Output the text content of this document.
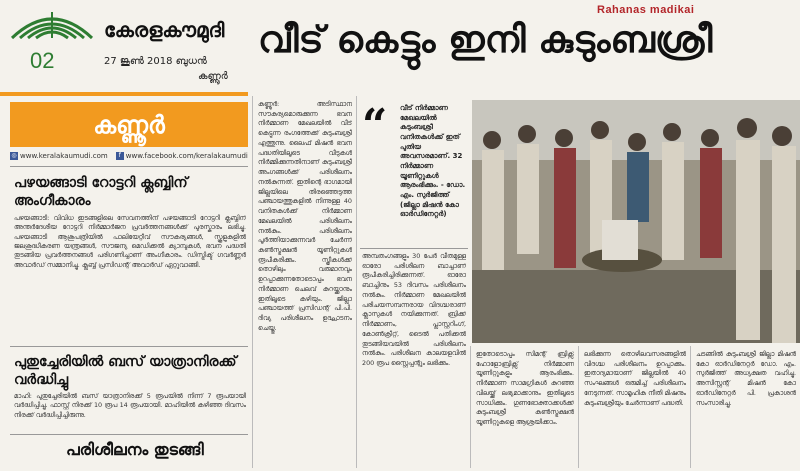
02
കേരളകൗമുദി
27 ജൂൺ 2018 ബുധൻ
കണ്ണൂർ
Rahanas madikai
വീട് കെട്ടും ഇനി കുടുംബശ്രീ
കണ്ണൂർ
◎ www.keralakaumudi.com	f www.facebook.com/keralakaumudi
പഴയങ്ങാടി റോട്ടറി ക്ലബ്ബിന് അംഗീകാരം
പഴയങ്ങാടി: വിവിധ ഇടങ്ങളിലെ സേവനത്തിന് പഴയങ്ങാടി റോട്ടറി ക്ലബ്ബിന് അന്തർദേശീയ റോട്ടറി നിർമ്മാർജന പ്രവർത്തനങ്ങൾക്ക് പുരസ്കാരം ലഭിച്ചു. പഴയങ്ങാടി ആശുപത്രിയിൽ പാലിയേറ്റീവ് സൗകര്യങ്ങൾ, സ്കൂളുകളിൽ ജലശുദ്ധീകരണ യന്ത്രങ്ങൾ, സൗജന്യ മെഡിക്കൽ ക്യാമ്പുകൾ, ഭവന പദ്ധതി തുടങ്ങിയ പ്രവർത്തനങ്ങൾ പരിഗണിച്ചാണ് അംഗീകാരം. ഡിസ്ട്രിക്ട് ഗവർണ്ണർ അവാർഡ് സമ്മാനിച്ചു. ക്ലബ്ബ് പ്രസിഡന്റ് അവാർഡ് ഏറ്റുവാങ്ങി.
പുതുച്ചേരിയിൽ ബസ് യാത്രാനിരക്ക് വർദ്ധിച്ചു
മാഹി: പുതുച്ചേരിയിൽ ബസ് യാത്രാനിരക്ക് 5 രൂപയിൽ നിന്ന് 7 രൂപയായി വർദ്ധിപ്പിച്ചു. ഫാസ്റ്റ് നിരക്ക് 10 രൂപ 14 രൂപയായി. മാഹിയിൽ കഴിഞ്ഞ ദിവസം നിരക്ക് വർദ്ധിപ്പിച്ചിരുന്നു.
പരിശീലനം തുടങ്ങി
കണ്ണൂർ: അടിസ്ഥാന സൗകര്യമൊരുക്കുന്ന ഭവന നിർമ്മാണ മേഖലയിൽ വീട് കെട്ടുന്ന രംഗത്തേക്ക് കുടുംബശ്രീ എത്തുന്നു. ലൈഫ് മിഷൻ ഭവന പദ്ധതിയിലൂടെ വീടുകൾ നിർമ്മിക്കുന്നതിനാണ് കുടുംബശ്രീ അംഗങ്ങൾക്ക് പരിശീലനം നൽകുന്നത്. ഇതിന്റെ ഭാഗമായി ജില്ലയിലെ തിരഞ്ഞെടുത്ത പഞ്ചായത്തുകളിൽ നിന്നുള്ള 40 വനിതകൾക്ക് നിർമ്മാണ മേഖലയിൽ പരിശീലനം നൽകും. പരിശീലനം പൂർത്തിയാക്കുന്നവർ ചേർന്ന് കൺസ്ട്രക്ഷൻ യൂണിറ്റുകൾ രൂപീകരിക്കും. സ്ത്രീകൾക്ക് തൊഴിലും വരുമാനവും ഉറപ്പാക്കുന്നതോടൊപ്പം ഭവന നിർമ്മാണ ചെലവ് കുറയ്ക്കാനും ഇതിലൂടെ കഴിയും. ജില്ലാ പഞ്ചായത്ത് പ്രസിഡന്റ് പി.പി. ദിവ്യ പരിശീലനം ഉദ്ഘാടനം ചെയ്തു.
“ വീട് നിർമ്മാണ മേഖലയിൽ കുടുംബശ്രീ വനിതകൾക്ക് ഇത് പുതിയ അവസരമാണ്. 32 നിർമ്മാണ യൂണിറ്റുകൾ ആരംഭിക്കും. - ഡോ. എം. സുർജിത്ത് (ജില്ലാ മിഷൻ കോ ഓർഡിനേറ്റർ)
അമ്പതംഗങ്ങളും 30 പേർ വീതമുള്ള ഓരോ പരിശീലന ബാച്ചാണ് രൂപീകരിച്ചിരിക്കുന്നത്. ഓരോ ബാച്ചിനും 53 ദിവസം പരിശീലനം നൽകും. നിർമ്മാണ മേഖലയിൽ പരിചയസമ്പന്നരായ വിദഗ്ദ്ധരാണ് ക്ലാസുകൾ നയിക്കുന്നത്. ബ്രിക്ക് നിർമ്മാണം, പ്ലാസ്റ്ററിംഗ്, കോൺക്രീറ്റ്, ടൈൽ പതിക്കൽ തുടങ്ങിയവയിൽ പരിശീലനം നൽകും. പരിശീലന കാലയളവിൽ 200 രൂപ സ്റ്റൈപ്പന്റും ലഭിക്കും.
ഇതോടൊപ്പം സിമന്റ് ബ്രിക്സ് ഹോളോബ്രിക്സ് നിർമ്മാണ യൂണിറ്റുകളും ആരംഭിക്കും. നിർമ്മാണ സാമഗ്രികൾ കുറഞ്ഞ വിലയ്ക്ക് ലഭ്യമാക്കാനും ഇതിലൂടെ സാധിക്കും. ഗുണഭോക്താക്കൾക്ക് കുടുംബശ്രീ കൺസ്ട്രക്ഷൻ യൂണിറ്റുകളെ ആശ്രയിക്കാം.
ലഭിക്കുന്ന തൊഴിലവസരങ്ങളിൽ വിദഗ്ദ്ധ പരിശീലനം ഉറപ്പാക്കും. ഇതാദ്യമായാണ് ജില്ലയിൽ 40 സംഘങ്ങൾ ഒരുമിച്ച് പരിശീലനം നേടുന്നത്. സാമൂഹിക നീതി മിഷനും കുടുംബശ്രീയും ചേർന്നാണ് പദ്ധതി.
ചടങ്ങിൽ കുടുംബശ്രീ ജില്ലാ മിഷൻ കോ ഓർഡിനേറ്റർ ഡോ. എം. സുർജിത്ത് അധ്യക്ഷത വഹിച്ചു. അസിസ്റ്റന്റ് മിഷൻ കോ ഓർഡിനേറ്റർ പി. പ്രകാശൻ സംസാരിച്ചു.
